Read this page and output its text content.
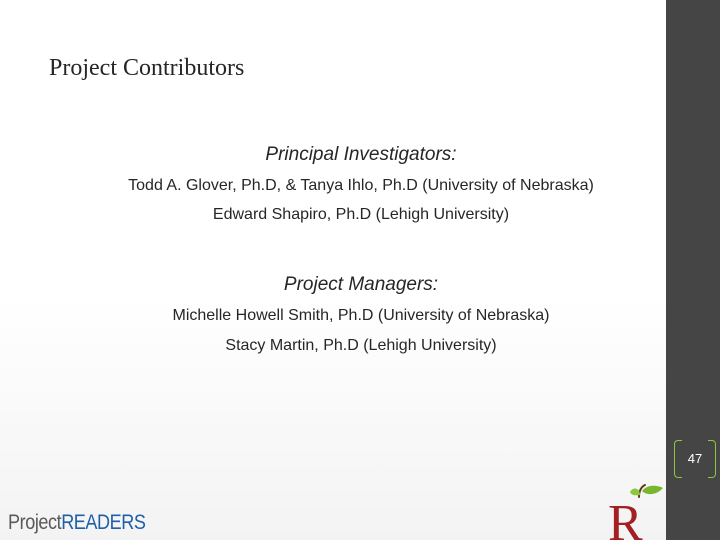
Project Contributors
Principal Investigators:
Todd A. Glover, Ph.D, & Tanya Ihlo, Ph.D (University of Nebraska)
Edward Shapiro, Ph.D (Lehigh University)
Project Managers:
Michelle Howell Smith, Ph.D (University of Nebraska)
Stacy Martin, Ph.D (Lehigh University)
47
ProjectREADERS	R
